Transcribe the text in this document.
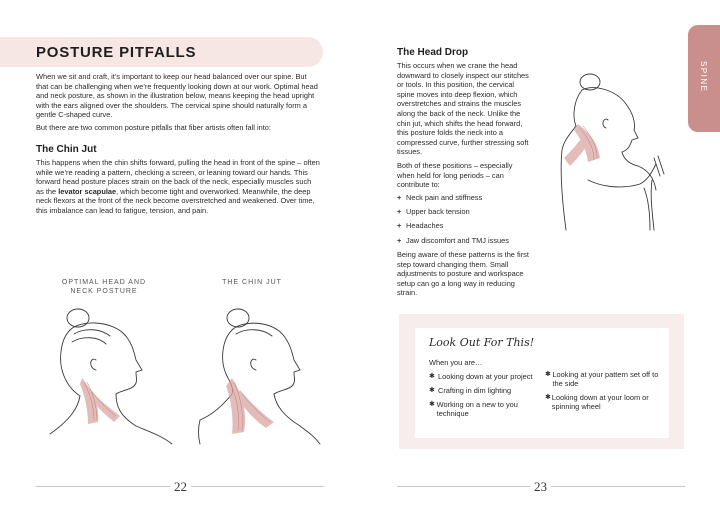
POSTURE PITFALLS

When we sit and craft, it’s important to keep our head balanced over our spine. But that can be challenging when we’re frequently looking down at our work. Optimal head and neck posture, as shown in the illustration below, means keeping the head upright with the ears aligned over the shoulders. The cervical spine should naturally form a gentle C-shaped curve.

But there are two common posture pitfalls that fiber artists often fall into:

The Chin Jut

This happens when the chin shifts forward, pulling the head in front of the spine – often while we’re reading a pattern, checking a screen, or leaning toward our hands. This forward head posture places strain on the back of the neck, especially muscles such as the levator scapulae, which become tight and overworked. Meanwhile, the deep neck flexors at the front of the neck become overstretched and weakened. Over time, this imbalance can lead to fatigue, tension, and pain.

OPTIMAL HEAD AND NECK POSTURE
THE CHIN JUT
22
SPINE
The Head Drop

This occurs when we crane the head downward to closely inspect our stitches or tools. In this position, the cervical spine moves into deep flexion, which overstretches and strains the muscles along the back of the neck. Unlike the chin jut, which shifts the head forward, this posture folds the neck into a compressed curve, further stressing soft tissues.

Both of these positions – especially when held for long periods – can contribute to:

+ Neck pain and stiffness
+ Upper back tension
+ Headaches
+ Jaw discomfort and TMJ issues
Being aware of these patterns is the first step toward changing them. Small adjustments to posture and workspace setup can go a long way in reducing strain.
Look Out For This!
When you are…
✱ Looking down at your project
✱ Crafting in dim lighting
✱ Working on a new to you technique
✱ Looking at your pattern set off to the side
✱ Looking down at your loom or spinning wheel
23
